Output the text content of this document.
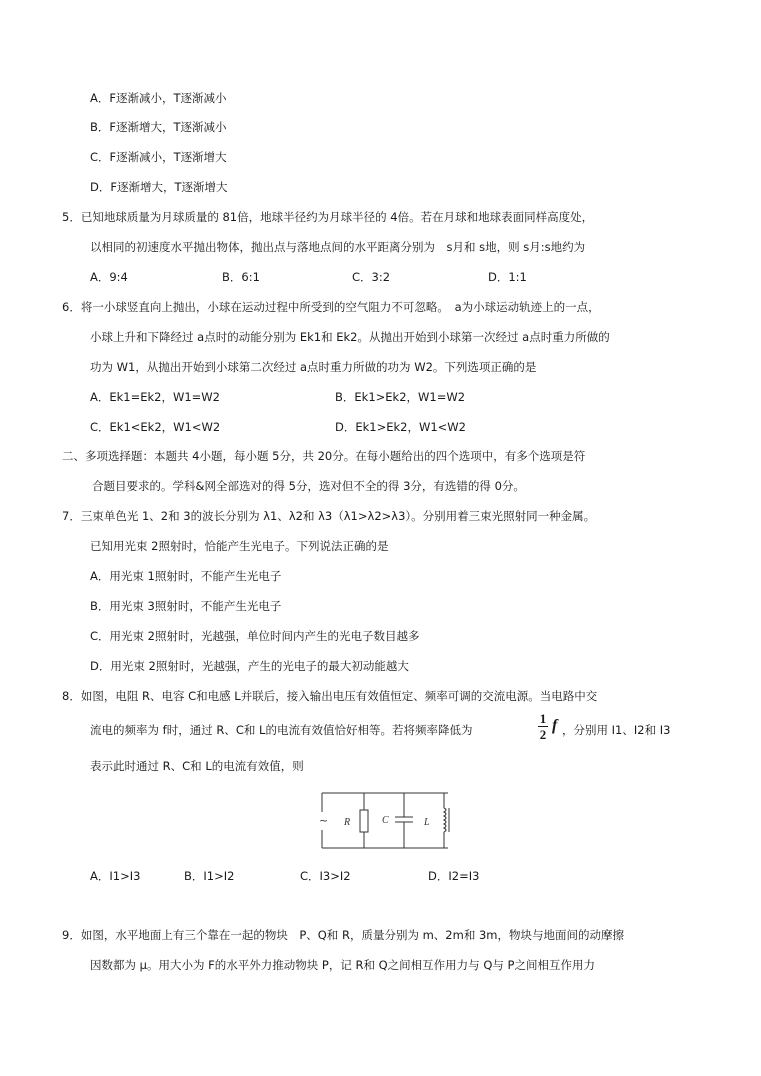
A．F逐渐减小，T逐渐减小
B．F逐渐增大，T逐渐减小
C．F逐渐减小，T逐渐增大
D．F逐渐增大，T逐渐增大
5．已知地球质量为月球质量的 81倍，地球半径约为月球半径的 4倍。若在月球和地球表面同样高度处，
以相同的初速度水平抛出物体，抛出点与落地点间的水平距离分别为　s月和 s地，则 s月:s地约为
A．9:4	B．6:1	C．3:2	D．1:1
6．将一小球竖直向上抛出，小球在运动过程中所受到的空气阻力不可忽略。　a为小球运动轨迹上的一点，
小球上升和下降经过 a点时的动能分别为 Ek1和 Ek2。从抛出开始到小球第一次经过 a点时重力所做的
功为 W1，从抛出开始到小球第二次经过 a点时重力所做的功为 W2。下列选项正确的是
A．Ek1=Ek2，W1=W2	B．Ek1>Ek2，W1=W2
C．Ek1<Ek2，W1<W2	D．Ek1>Ek2，W1<W2
二、多项选择题：本题共 4小题，每小题 5分，共 20分。在每小题给出的四个选项中，有多个选项是符
合题目要求的。学科&网全部选对的得 5分，选对但不全的得 3分，有选错的得 0分。
7．三束单色光 1、2和 3的波长分别为 λ1、λ2和 λ3（λ1>λ2>λ3）。分别用着三束光照射同一种金属。
已知用光束 2照射时，恰能产生光电子。下列说法正确的是
A．用光束 1照射时，不能产生光电子
B．用光束 3照射时，不能产生光电子
C．用光束 2照射时，光越强，单位时间内产生的光电子数目越多
D．用光束 2照射时，光越强，产生的光电子的最大初动能越大
8．如图，电阻 R、电容 C和电感 L并联后，接入输出电压有效值恒定、频率可调的交流电源。当电路中交
流电的频率为 f时，通过 R、C和 L的电流有效值恰好相等。若将频率降低为
1
2
f ，分别用 I1、I2和 I3
表示此时通过 R、C和 L的电流有效值，则
~ R	C	L
A．I1>I3	B．I1>I2	C．I3>I2	D．I2=I3
9．如图，水平地面上有三个靠在一起的物块　P、Q和 R，质量分别为 m、2m和 3m，物块与地面间的动摩擦
因数都为 μ。用大小为 F的水平外力推动物块 P，记 R和 Q之间相互作用力与 Q与 P之间相互作用力
